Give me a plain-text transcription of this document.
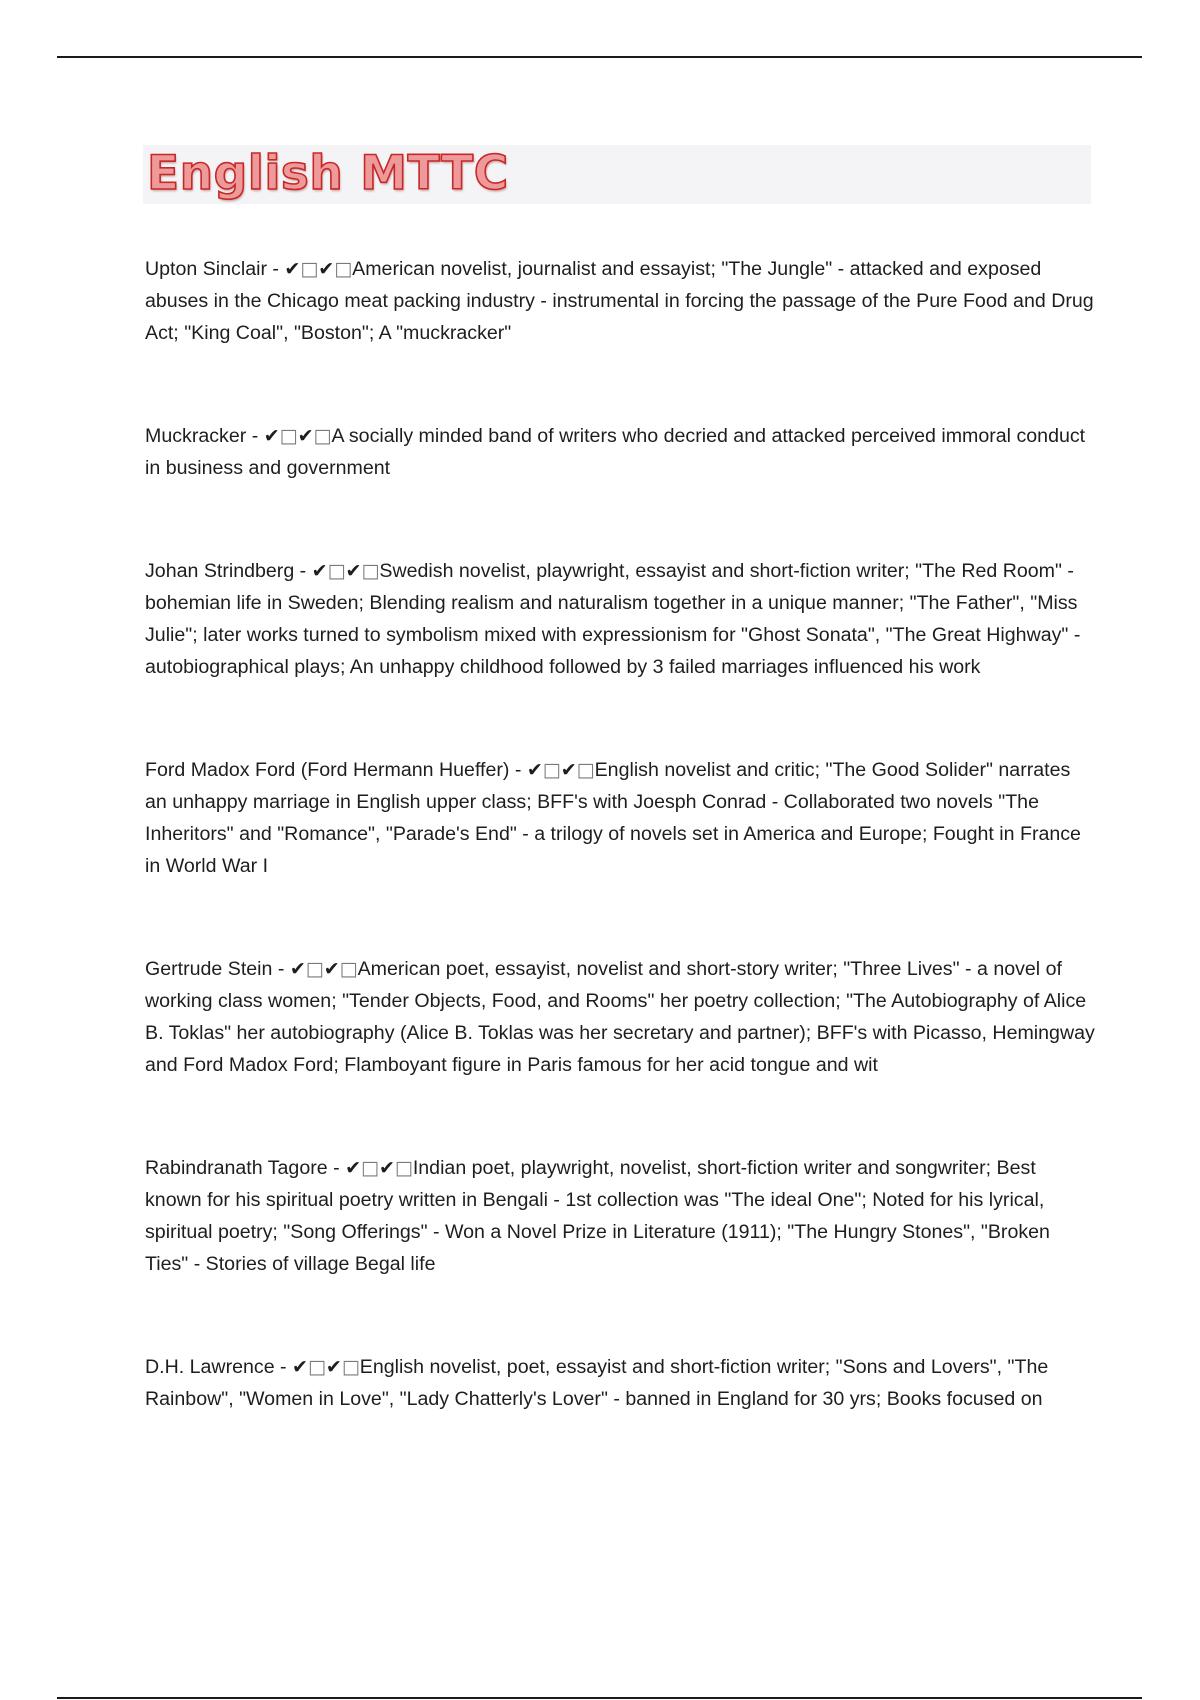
English MTTC

Upton Sinclair - ✔□✔□American novelist, journalist and essayist; "The Jungle" - attacked and exposed abuses in the Chicago meat packing industry - instrumental in forcing the passage of the Pure Food and Drug Act; "King Coal", "Boston"; A "muckracker"

Muckracker - ✔□✔□A socially minded band of writers who decried and attacked perceived immoral conduct in business and government

Johan Strindberg - ✔□✔□Swedish novelist, playwright, essayist and short-fiction writer; "The Red Room" - bohemian life in Sweden; Blending realism and naturalism together in a unique manner; "The Father", "Miss Julie"; later works turned to symbolism mixed with expressionism for "Ghost Sonata", "The Great Highway" - autobiographical plays; An unhappy childhood followed by 3 failed marriages influenced his work

Ford Madox Ford (Ford Hermann Hueffer) - ✔□✔□English novelist and critic; "The Good Solider" narrates an unhappy marriage in English upper class; BFF's with Joesph Conrad - Collaborated two novels "The Inheritors" and "Romance", "Parade's End" - a trilogy of novels set in America and Europe; Fought in France in World War I

Gertrude Stein - ✔□✔□American poet, essayist, novelist and short-story writer; "Three Lives" - a novel of working class women; "Tender Objects, Food, and Rooms" her poetry collection; "The Autobiography of Alice B. Toklas" her autobiography (Alice B. Toklas was her secretary and partner); BFF's with Picasso, Hemingway and Ford Madox Ford; Flamboyant figure in Paris famous for her acid tongue and wit

Rabindranath Tagore - ✔□✔□Indian poet, playwright, novelist, short-fiction writer and songwriter; Best known for his spiritual poetry written in Bengali - 1st collection was "The ideal One"; Noted for his lyrical, spiritual poetry; "Song Offerings" - Won a Novel Prize in Literature (1911); "The Hungry Stones", "Broken Ties" - Stories of village Begal life

D.H. Lawrence - ✔□✔□English novelist, poet, essayist and short-fiction writer; "Sons and Lovers", "The Rainbow", "Women in Love", "Lady Chatterly's Lover" - banned in England for 30 yrs; Books focused on
